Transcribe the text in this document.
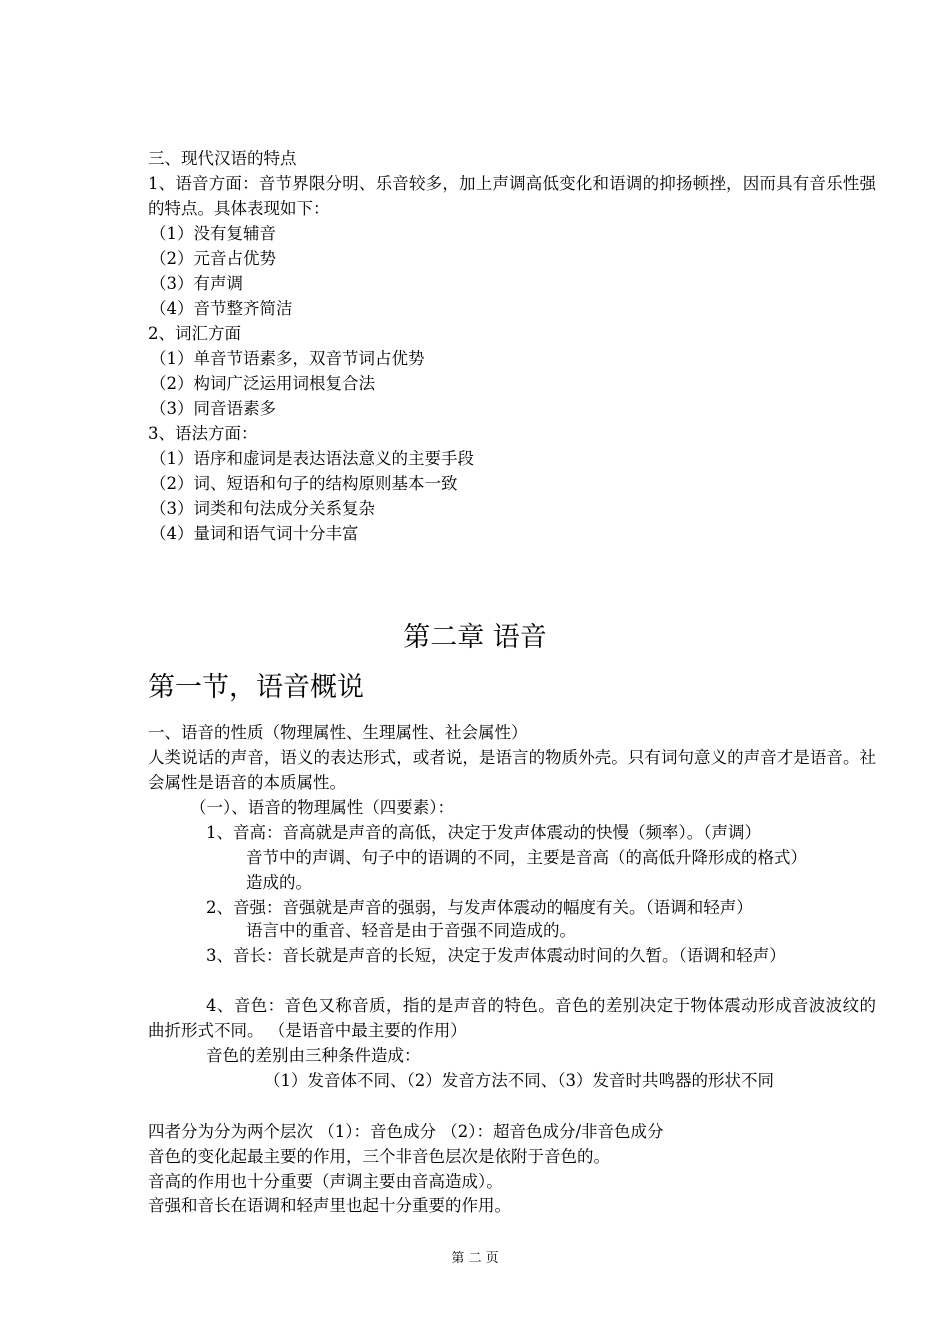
三、现代汉语的特点
1、语音方面：音节界限分明、乐音较多，加上声调高低变化和语调的抑扬顿挫，因而具有音乐性强的特点。具体表现如下：
（1）没有复辅音
（2）元音占优势
（3）有声调
（4）音节整齐简洁
2、词汇方面
（1）单音节语素多，双音节词占优势
（2）构词广泛运用词根复合法
（3）同音语素多
3、语法方面：
（1）语序和虚词是表达语法意义的主要手段
（2）词、短语和句子的结构原则基本一致
（3）词类和句法成分关系复杂
（4）量词和语气词十分丰富
第二章 语音
第一节，语音概说
一、语音的性质（物理属性、生理属性、社会属性）
人类说话的声音，语义的表达形式，或者说，是语言的物质外壳。只有词句意义的声音才是语音。社会属性是语音的本质属性。
（一）、语音的物理属性（四要素）：
1、音高：音高就是声音的高低，决定于发声体震动的快慢（频率）。（声调）
音节中的声调、句子中的语调的不同，主要是音高（的高低升降形成的格式）
造成的。
2、音强：音强就是声音的强弱，与发声体震动的幅度有关。（语调和轻声）
语言中的重音、轻音是由于音强不同造成的。
3、音长：音长就是声音的长短，决定于发声体震动时间的久暂。（语调和轻声）
4、音色：音色又称音质，指的是声音的特色。音色的差别决定于物体震动形成音波波纹的曲折形式不同。 （是语音中最主要的作用）
音色的差别由三种条件造成：
（1）发音体不同、（2）发音方法不同、（3）发音时共鸣器的形状不同
四者分为分为两个层次 （1）：音色成分 （2）：超音色成分/非音色成分
音色的变化起最主要的作用，三个非音色层次是依附于音色的。
音高的作用也十分重要（声调主要由音高造成）。
音强和音长在语调和轻声里也起十分重要的作用。
第 二 页
